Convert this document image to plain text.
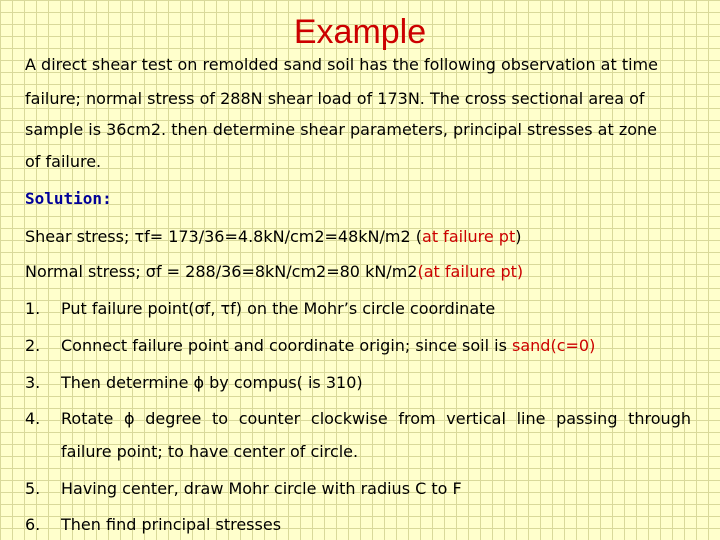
Example
A direct shear test on remolded sand soil has the following observation at time
failure; normal stress of 288N shear load of 173N. The cross sectional area of
sample is 36cm2. then determine shear parameters, principal stresses at zone
of failure.
Solution:
Shear stress; τf= 173/36=4.8kN/cm2=48kN/m2 (at failure pt)
Normal stress; σf = 288/36=8kN/cm2=80 kN/m2(at failure pt)
1. Put failure point(σf, τf) on the Mohr’s circle coordinate
2. Connect failure point and coordinate origin; since soil is sand(c=0)
3. Then determine ϕ by compus( is 310)
4. Rotate ϕ degree to counter clockwise from vertical line passing through
failure point; to have center of circle.
5. Having center, draw Mohr circle with radius C to F
6. Then find principal stresses
